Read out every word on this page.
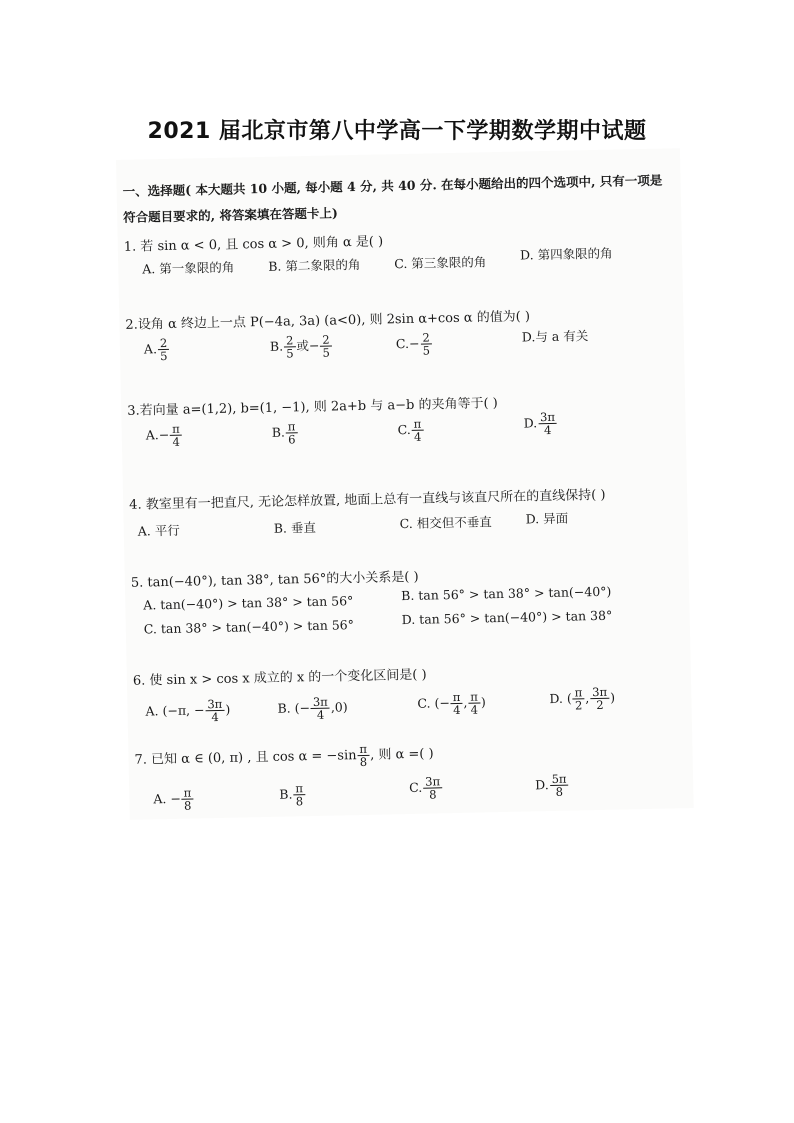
2021 届北京市第八中学高一下学期数学期中试题
一、选择题( 本大题共 10 小题, 每小题 4 分, 共 40 分. 在每小题给出的四个选项中, 只有一项是
符合题目要求的, 将答案填在答题卡上)
1. 若 sin α < 0, 且 cos α > 0, 则角 α 是( )
A. 第一象限的角	B. 第二象限的角	C. 第三象限的角
D. 第四象限的角
2.设角 α 终边上一点 P(−4a, 3a) (a<0), 则 2sin α+cos α 的值为( )
A. $\frac{2}{5}$	B. $\frac{2}{5}$ 或− $\frac{2}{5}$	$C.- \frac{2}{5}$	D.与 a 有关
3.若向量 a=(1,2), b=(1, −1), 则 2a+b 与 a−b 的夹角等于( )
$A.- \frac{\pi}{4}$	B. $\frac{\pi}{6}$	C. $\frac{\pi}{4}$	D. $\frac{3\pi}{4}$
4. 教室里有一把直尺, 无论怎样放置, 地面上总有一直线与该直尺所在的直线保持( )
A. 平行	B. 垂直	C. 相交但不垂直	D. 异面
5. tan(−40°), tan 38°, tan 56°的大小关系是( )
A. tan(−40°) > tan 38° > tan 56°	B. tan 56° > tan 38° > tan(−40°)
C. tan 38° > tan(−40°) > tan 56°	D. tan 56° > tan(−40°) > tan 38°
6. 使 sin x > cos x 成立的 x 的一个变化区间是( )
A. (−π, − $\frac{3\pi}{4}$ )	B. (− $\frac{3\pi}{4} ,0$)	C. (− $\frac{\pi}{4}$ , $\frac{\pi}{4}$ )	D. ( $\frac{\pi}{2}$ , $\frac{3\pi}{2}$ )
7. 已知 α ∈ (0, π) , 且 $\cos \alpha = -\sin \frac{\pi}{8}$ , 则 α =( )
A. − $\frac{\pi}{8}$	B. $\frac{\pi}{8}$	C. $\frac{3\pi}{8}$	D. $\frac{5\pi}{8}$
